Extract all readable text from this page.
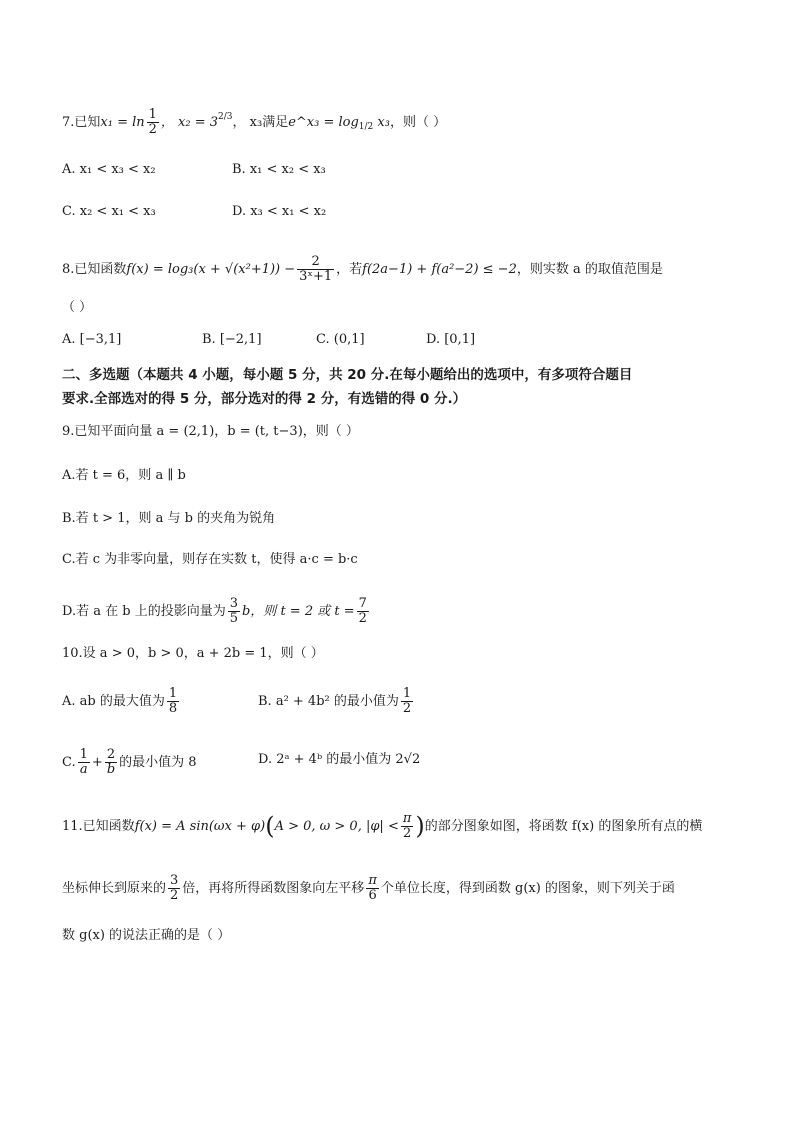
7.已知$x_1 = \ln \frac{1}{2}$ ， $x_2 = 3^{2/3}$， x₃满足e^x₃ = $\log_{1/2} x_3$，则（ ）
A. x₁ < x₃ < x₂	B. x₁ < x₂ < x₃
C. x₂ < x₁ < x₃	D. x₃ < x₁ < x₂
8.已知函数$f(x) = \log_3(x + √(x^2+1)) - \frac{2}{\text{3ˣ+1}}$ ，若f(2a−1) + f(a²−2) ≤ −2，则实数 a 的取值范围是
（ ）
A. [−3,1]	B. [−2,1]	C. (0,1]	D. [0,1]
二、多选题（本题共 4 小题，每小题 5 分，共 20 分.在每小题给出的选项中，有多项符合题目
要求.全部选对的得 5 分，部分选对的得 2 分，有选错的得 0 分.）
9.已知平面向量 a = (2,1)，b = (t, t−3)，则（ ）
A.若 t = 6，则 a ∥ b
B.若 t > 1，则 a 与 b 的夹角为锐角
C.若 c 为非零向量，则存在实数 t，使得 a·c = b·c
D.若 a 在 b 上的投影向量为 $\frac{3}{5}$ b，则 t = 2 或 $t = \frac{7}{2}$
10.设 a > 0，b > 0，a + 2b = 1，则（ ）
A. ab 的最大值为 $\frac{1}{8}$	B. a² + 4b² 的最小值为 $\frac{1}{2}$
C. $\frac{1}{a} + \frac{2}{b}$ 的最小值为 8	D. 2ᵃ + 4ᵇ 的最小值为 2√2
11.已知函数f(x) = A sin(ωx + φ)(A > 0, ω > 0, $|\varphi| < \frac{\pi}{2}$ )的部分图象如图，将函数 f(x) 的图象所有点的横
坐标伸长到原来的 $\frac{3}{2}$ 倍，再将所得函数图象向左平移 $\frac{\pi}{6}$ 个单位长度，得到函数 g(x) 的图象，则下列关于函
数 g(x) 的说法正确的是（ ）
